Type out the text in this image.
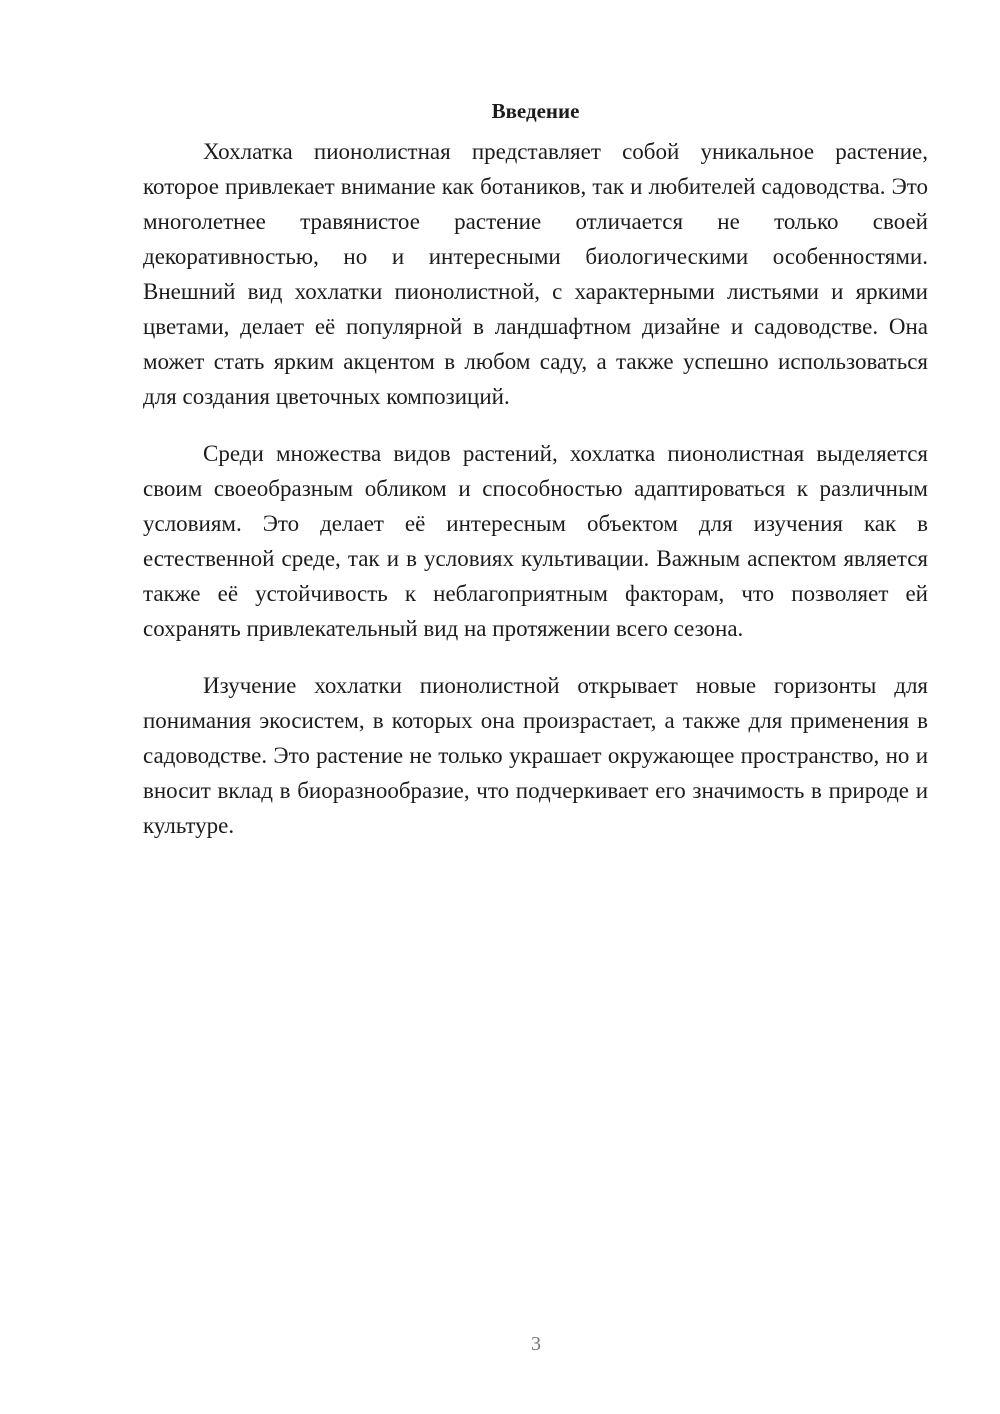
Введение

Хохлатка пионолистная представляет собой уникальное растение, которое привлекает внимание как ботаников, так и любителей садоводства. Это многолетнее травянистое растение отличается не только своей декоративностью, но и интересными биологическими особенностями. Внешний вид хохлатки пионолистной, с характерными листьями и яркими цветами, делает её популярной в ландшафтном дизайне и садоводстве. Она может стать ярким акцентом в любом саду, а также успешно использоваться для создания цветочных композиций.

Среди множества видов растений, хохлатка пионолистная выделяется своим своеобразным обликом и способностью адаптироваться к различным условиям. Это делает её интересным объектом для изучения как в естественной среде, так и в условиях культивации. Важным аспектом является также её устойчивость к неблагоприятным факторам, что позволяет ей сохранять привлекательный вид на протяжении всего сезона.

Изучение хохлатки пионолистной открывает новые горизонты для понимания экосистем, в которых она произрастает, а также для применения в садоводстве. Это растение не только украшает окружающее пространство, но и вносит вклад в биоразнообразие, что подчеркивает его значимость в природе и культуре.

3
